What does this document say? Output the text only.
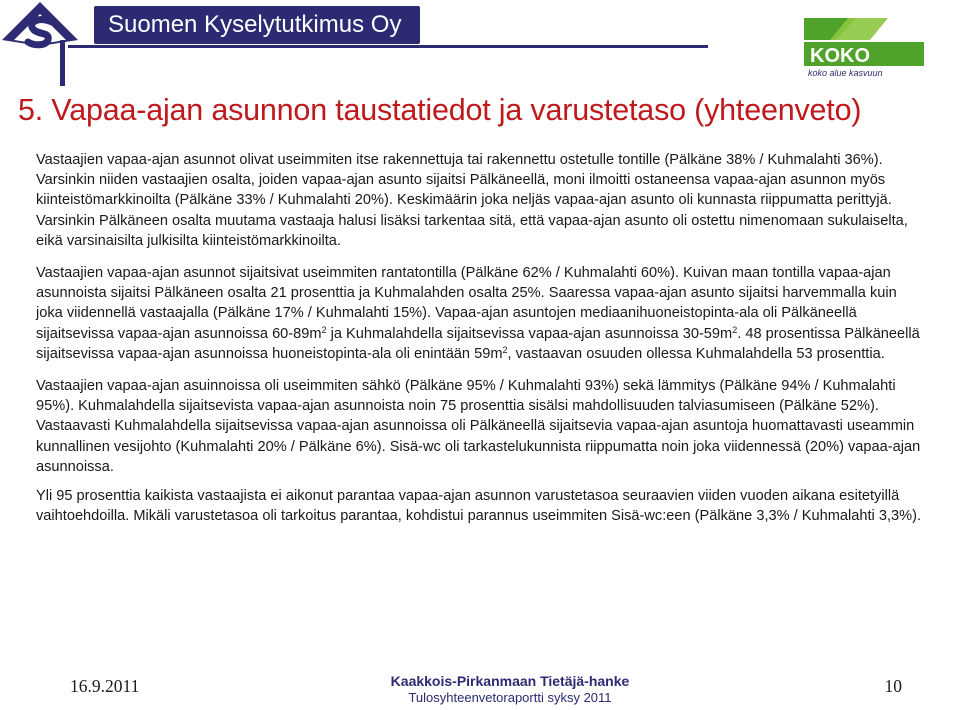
Suomen Kyselytutkimus Oy
KOKO
koko alue kasvuun
5. Vapaa-ajan asunnon taustatiedot ja varustetaso (yhteenveto)

Vastaajien vapaa-ajan asunnot olivat useimmiten itse rakennettuja tai rakennettu ostetulle tontille (Pälkäne 38% / Kuhmalahti 36%). Varsinkin niiden vastaajien osalta, joiden vapaa-ajan asunto sijaitsi Pälkäneellä, moni ilmoitti ostaneensa vapaa-ajan asunnon myös kiinteistömarkkinoilta (Pälkäne 33% / Kuhmalahti 20%). Keskimäärin joka neljäs vapaa-ajan asunto oli kunnasta riippumatta perittyjä. Varsinkin Pälkäneen osalta muutama vastaaja halusi lisäksi tarkentaa sitä, että vapaa-ajan asunto oli ostettu nimenomaan sukulaiselta, eikä varsinaisilta julkisilta kiinteistömarkkinoilta.

Vastaajien vapaa-ajan asunnot sijaitsivat useimmiten rantatontilla (Pälkäne 62% / Kuhmalahti 60%). Kuivan maan tontilla vapaa-ajan asunnoista sijaitsi Pälkäneen osalta 21 prosenttia ja Kuhmalahden osalta 25%. Saaressa vapaa-ajan asunto sijaitsi harvemmalla kuin joka viidennellä vastaajalla (Pälkäne 17% / Kuhmalahti 15%). Vapaa-ajan asuntojen mediaanihuoneistopinta-ala oli Pälkäneellä sijaitsevissa vapaa-ajan asunnoissa $60-89m^2$ ja Kuhmalahdella sijaitsevissa vapaa-ajan asunnoissa $30-59m^2$. 48 prosentissa Pälkäneellä sijaitsevissa vapaa-ajan asunnoissa huoneistopinta-ala oli enintään $59m^2$, vastaavan osuuden ollessa Kuhmalahdella 53 prosenttia.

Vastaajien vapaa-ajan asuinnoissa oli useimmiten sähkö (Pälkäne 95% / Kuhmalahti 93%) sekä lämmitys (Pälkäne 94% / Kuhmalahti 95%). Kuhmalahdella sijaitsevista vapaa-ajan asunnoista noin 75 prosenttia sisälsi mahdollisuuden talviasumiseen (Pälkäne 52%). Vastaavasti Kuhmalahdella sijaitsevissa vapaa-ajan asunnoissa oli Pälkäneellä sijaitsevia vapaa-ajan asuntoja huomattavasti useammin kunnallinen vesijohto (Kuhmalahti 20% / Pälkäne 6%). Sisä-wc oli tarkastelukunnista riippumatta noin joka viidennessä (20%) vapaa-ajan asunnoissa.

Yli 95 prosenttia kaikista vastaajista ei aikonut parantaa vapaa-ajan asunnon varustetasoa seuraavien viiden vuoden aikana esitetyillä vaihtoehdoilla. Mikäli varustetasoa oli tarkoitus parantaa, kohdistui parannus useimmiten Sisä-wc:een (Pälkäne 3,3% / Kuhmalahti 3,3%).

16.9.2011	Kaakkois-Pirkanmaan Tietäjä-hanke
Tulosyhteenvetoraportti syksy 2011
10
